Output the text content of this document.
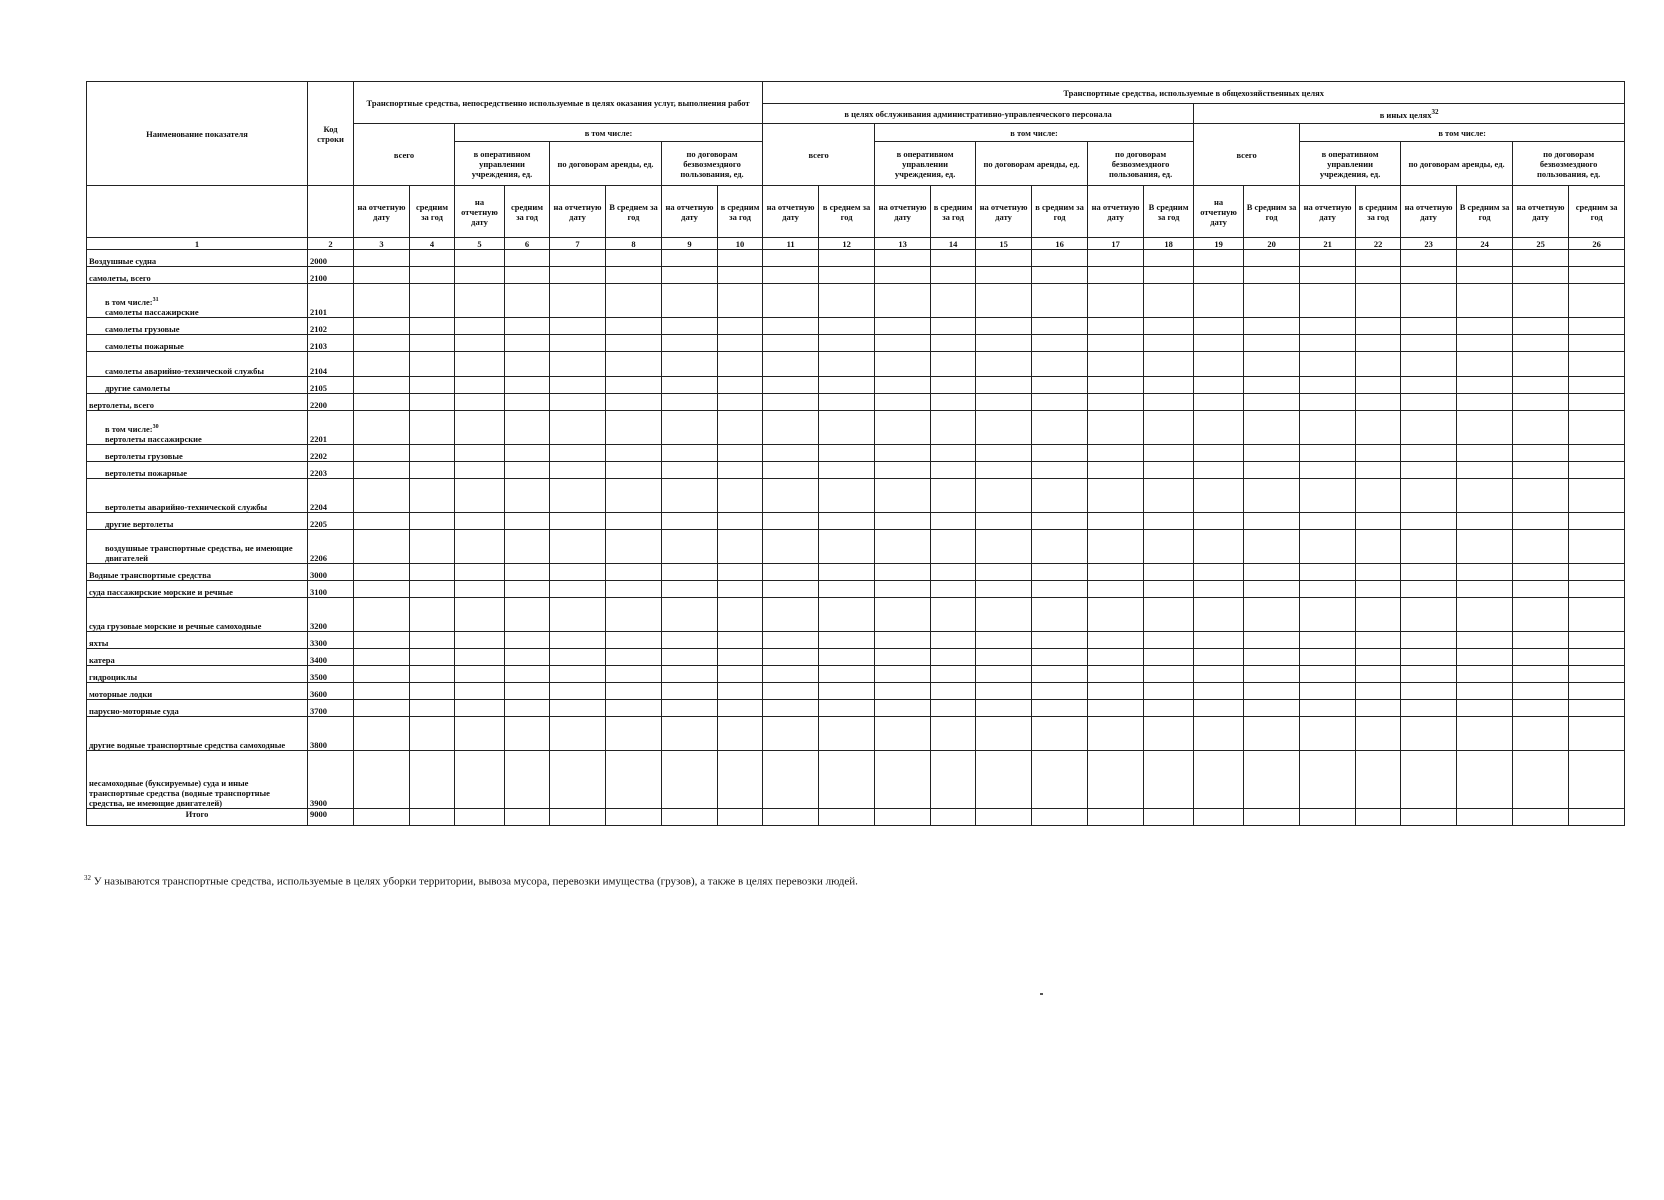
Наименование показателя	Код строки	Транспортные средства, непосредственно используемые в целях оказания услуг, выполнения работ								Транспортные средства, используемые в общехозяйственных целях															
										в целях обслуживания административно-управленческого персонала								в иных целях$^{32}$
		всего		в том числе:						всего		в том числе:						всего		в том числе:					
				в оперативном управлении учреждения, ед.		по договорам аренды, ед.		по договорам безвозмездного пользования, ед.				в оперативном управлении учреждения, ед.		по договорам аренды, ед.		по договорам безвозмездного пользования, ед.				в оперативном управлении учреждения, ед.		по договорам аренды, ед.		по договорам безвозмездного пользования, ед.	
		на отчетную дату	средним за год	на отчетную дату	средним за год	на отчетную дату	В среднем за год	на отчетную дату	в средним за год	на отчетную дату	в среднем за год	на отчетную дату	в средним за год	на отчетную дату	в средним за год	на отчетную дату	В средним за год	на отчетную дату	В средним за год	на отчетную дату	в средним за год	на отчетную дату	В средним за год	на отчетную дату	средним за год
1	2	3	4	5	6	7	8	9	10	11	12	13	14	15	16	17	18	19	20	21	22	23	24	25	26
Воздушные судна	2000																								
самолеты, всего	2100																								
в том числе:$^{31}$
самолеты пассажирские	2101																								
самолеты грузовые	2102																								
самолеты пожарные	2103																								
самолеты аварийно-технической службы	2104																								
другие самолеты	2105																								
вертолеты, всего	2200																								
в том числе:$^{30}$
вертолеты пассажирские	2201																								
вертолеты грузовые	2202																								
вертолеты пожарные	2203																								
вертолеты аварийно-технической службы	2204																								
другие вертолеты	2205																								
воздушные транспортные средства, не имеющие двигателей	2206																								
Водные транспортные средства	3000																								
суда пассажирские морские и речные	3100																								
суда грузовые морские и речные самоходные	3200																								
яхты	3300																								
катера	3400																								
гидроциклы	3500																								
моторные лодки	3600																								
парусно-моторные суда	3700																								
другие водные транспортные средства самоходные	3800																								
несамоходные (буксируемые) суда и иные транспортные средства (водные транспортные средства, не имеющие двигателей)	3900																								
Итого	9000																								
$^{32}$ У называются транспортные средства, используемые в целях уборки территории, вывоза мусора, перевозки имущества (грузов), а также в целях перевозки людей.
